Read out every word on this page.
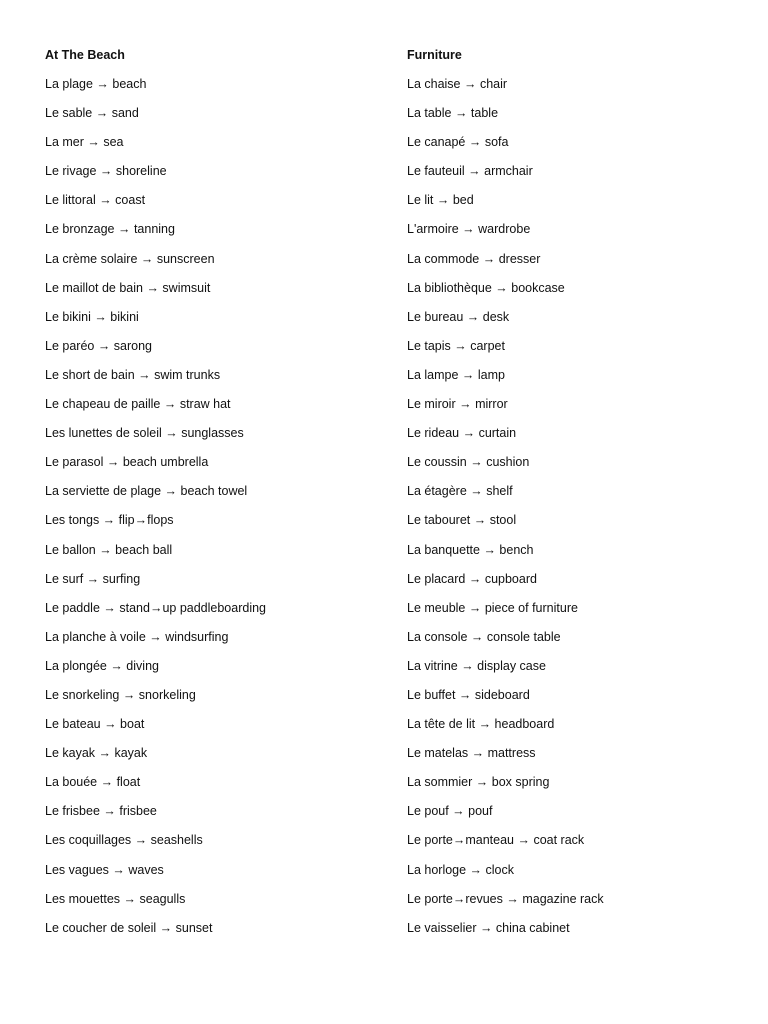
At The Beach
La plage → beach
Le sable → sand
La mer → sea
Le rivage → shoreline
Le littoral → coast
Le bronzage → tanning
La crème solaire → sunscreen
Le maillot de bain → swimsuit
Le bikini → bikini
Le paréo → sarong
Le short de bain → swim trunks
Le chapeau de paille → straw hat
Les lunettes de soleil → sunglasses
Le parasol → beach umbrella
La serviette de plage → beach towel
Les tongs → flip→flops
Le ballon → beach ball
Le surf → surfing
Le paddle → stand→up paddleboarding
La planche à voile → windsurfing
La plongée → diving
Le snorkeling → snorkeling
Le bateau → boat
Le kayak → kayak
La bouée → float
Le frisbee → frisbee
Les coquillages → seashells
Les vagues → waves
Les mouettes → seagulls
Le coucher de soleil → sunset
Furniture
La chaise → chair
La table → table
Le canapé → sofa
Le fauteuil → armchair
Le lit → bed
L'armoire → wardrobe
La commode → dresser
La bibliothèque → bookcase
Le bureau → desk
Le tapis → carpet
La lampe → lamp
Le miroir → mirror
Le rideau → curtain
Le coussin → cushion
La étagère → shelf
Le tabouret → stool
La banquette → bench
Le placard → cupboard
Le meuble → piece of furniture
La console → console table
La vitrine → display case
Le buffet → sideboard
La tête de lit → headboard
Le matelas → mattress
La sommier → box spring
Le pouf → pouf
Le porte→manteau → coat rack
La horloge → clock
Le porte→revues → magazine rack
Le vaisselier → china cabinet
